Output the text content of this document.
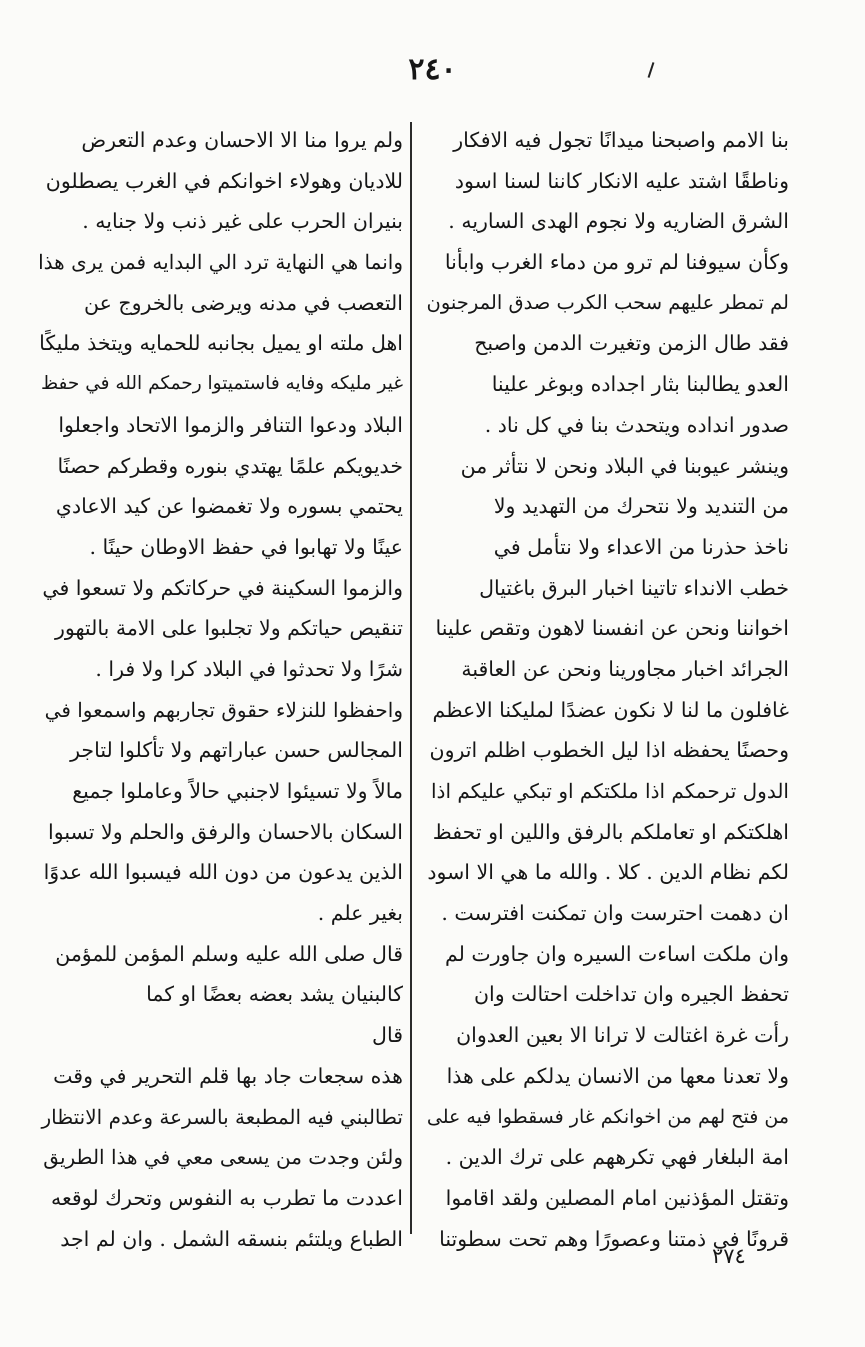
٢٤٠
بنا الامم واصبحنا ميدانًا تجول فيه الافكار
وناطقًا اشتد عليه الانكار كاننا لسنا اسود
الشرق الضاريه ولا نجوم الهدى الساريه .
وكأن سيوفنا لم ترو من دماء الغرب وابأنا
لم تمطر عليهم سحب الكرب صدق المرجنون
فقد طال الزمن وتغيرت الدمن واصبح
العدو يطالبنا بثار اجداده وبوغر علينا
صدور انداده ويتحدث بنا في كل ناد .
وينشر عيوبنا في البلاد ونحن لا نتأثر من
من التنديد ولا نتحرك من التهديد ولا
ناخذ حذرنا من الاعداء ولا نتأمل في
خطب الانداء تاتينا اخبار البرق باغتيال
اخواننا ونحن عن انفسنا لاهون وتقص علينا
الجرائد اخبار مجاورينا ونحن عن العاقبة
غافلون ما لنا لا نكون عضدًا لمليكنا الاعظم
وحصنًا يحفظه اذا ليل الخطوب اظلم اترون
الدول ترحمكم اذا ملكتكم او تبكي عليكم اذا
اهلكتكم او تعاملكم بالرفق واللين او تحفظ
لكم نظام الدين . كلا . والله ما هي الا اسود
ان دهمت احترست وان تمكنت افترست .
وان ملكت اساءت السيره وان جاورت لم
تحفظ الجيره وان تداخلت احتالت وان
رأت غرة اغتالت لا ترانا الا بعين العدوان
ولا تعدنا معها من الانسان يدلكم على هذا
من فتح لهم من اخوانكم غار فسقطوا فيه على
امة البلغار فهي تكرههم على ترك الدين .
وتقتل المؤذنين امام المصلين ولقد اقاموا
قرونًا في ذمتنا وعصورًا وهم تحت سطوتنا
ولم يروا منا الا الاحسان وعدم التعرض
للاديان وهولاء اخوانكم في الغرب يصطلون
بنيران الحرب على غير ذنب ولا جنايه .
وانما هي النهاية ترد الي البدايه فمن يرى هذا
التعصب في مدنه ويرضى بالخروج عن
اهل ملته او يميل بجانبه للحمايه ويتخذ مليكًا
غير مليكه وفايه فاستميتوا رحمكم الله في حفظ
البلاد ودعوا التنافر والزموا الاتحاد واجعلوا
خديويكم علمًا يهتدي بنوره وقطركم حصنًا
يحتمي بسوره ولا تغمضوا عن كيد الاعادي
عينًا ولا تهابوا في حفظ الاوطان حينًا .
والزموا السكينة في حركاتكم ولا تسعوا في
تنقيص حياتكم ولا تجلبوا على الامة بالتهور
شرًا ولا تحدثوا في البلاد كرا ولا فرا .
واحفظوا للنزلاء حقوق تجاربهم واسمعوا في
المجالس حسن عباراتهم ولا تأكلوا لتاجر
مالاً ولا تسيئوا لاجنبي حالاً وعاملوا جميع
السكان بالاحسان والرفق والحلم ولا تسبوا
الذين يدعون من دون الله فيسبوا الله عدوًا
بغير علم .
قال صلى الله عليه وسلم المؤمن للمؤمن
كالبنيان يشد بعضه بعضًا او كما
قال
هذه سجعات جاد بها قلم التحرير في وقت
تطالبني فيه المطبعة بالسرعة وعدم الانتظار
ولئن وجدت من يسعى معي في هذا الطريق
اعددت ما تطرب به النفوس وتحرك لوقعه
الطباع ويلتئم بنسقه الشمل . وان لم اجد
٢٧٤
